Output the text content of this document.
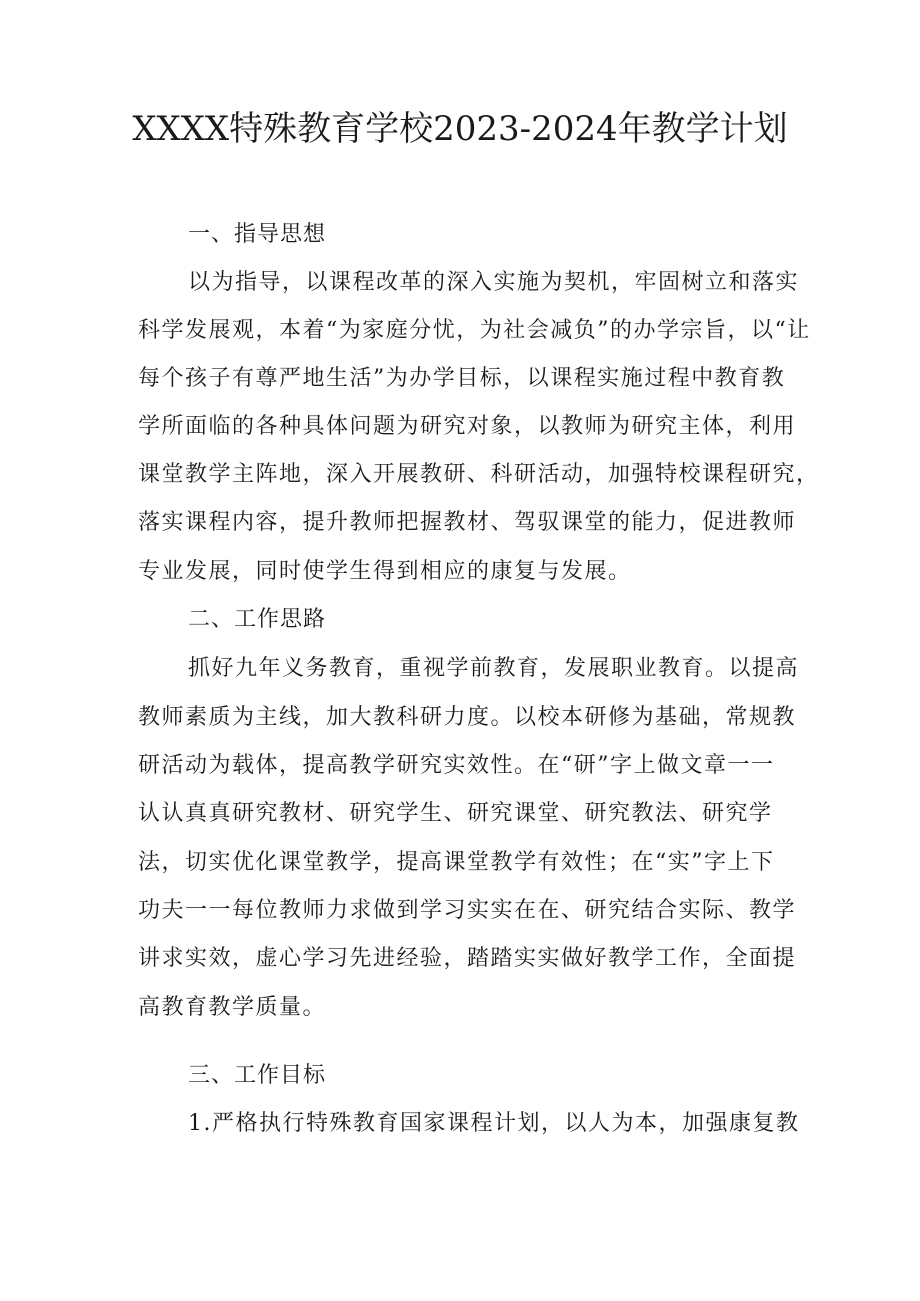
XXXX特殊教育学校2023-2024年教学计划
一、指导思想
以为指导，以课程改革的深入实施为契机，牢固树立和落实
科学发展观，本着“为家庭分忧，为社会减负”的办学宗旨，以“让
每个孩子有尊严地生活”为办学目标，以课程实施过程中教育教
学所面临的各种具体问题为研究对象，以教师为研究主体，利用
课堂教学主阵地，深入开展教研、科研活动，加强特校课程研究，
落实课程内容，提升教师把握教材、驾驭课堂的能力，促进教师
专业发展，同时使学生得到相应的康复与发展。
二、工作思路
抓好九年义务教育，重视学前教育，发展职业教育。以提高
教师素质为主线，加大教科研力度。以校本研修为基础，常规教
研活动为载体，提高教学研究实效性。在“研”字上做文章一一
认认真真研究教材、研究学生、研究课堂、研究教法、研究学
法，切实优化课堂教学，提高课堂教学有效性；在“实”字上下
功夫一一每位教师力求做到学习实实在在、研究结合实际、教学
讲求实效，虚心学习先进经验，踏踏实实做好教学工作，全面提
高教育教学质量。
三、工作目标
1.严格执行特殊教育国家课程计划，以人为本，加强康复教
